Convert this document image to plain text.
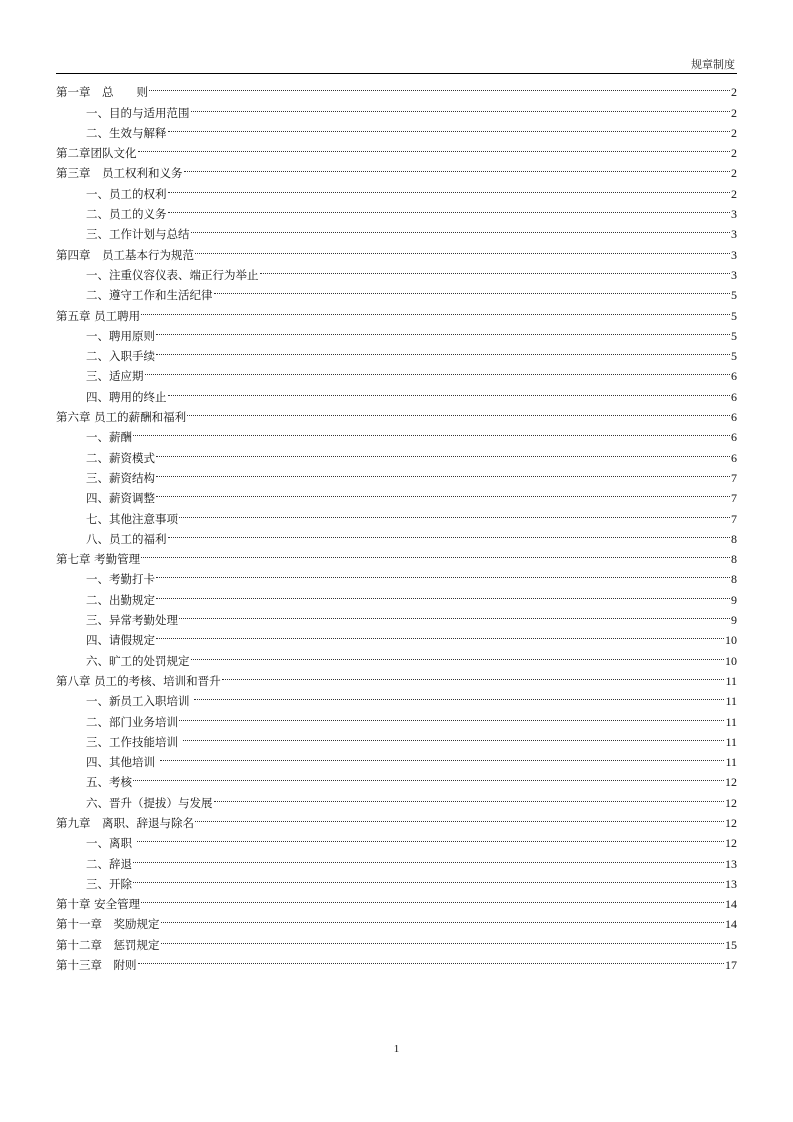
规章制度
第一章　总　　则	2
一、目的与适用范围	2
二、生效与解释	2
第二章团队文化	2
第三章　员工权利和义务	2
一、员工的权利	2
二、员工的义务	3
三、工作计划与总结	3
第四章　员工基本行为规范	3
一、注重仪容仪表、端正行为举止	3
二、遵守工作和生活纪律	5
第五章 员工聘用	5
一、聘用原则	5
二、入职手续	5
三、适应期	6
四、聘用的终止	6
第六章 员工的薪酬和福利	6
一、薪酬	6
二、薪资模式	6
三、薪资结构	7
四、薪资调整	7
七、其他注意事项	7
八、员工的福利	8
第七章 考勤管理	8
一、考勤打卡	8
二、出勤规定	9
三、异常考勤处理	9
四、请假规定	10
六、旷工的处罚规定	10
第八章 员工的考核、培训和晋升	11
一、新员工入职培训	11
二、部门业务培训	11
三、工作技能培训	11
四、其他培训	11
五、考核	12
六、晋升（提拔）与发展	12
第九章　离职、辞退与除名	12
一、离职	12
二、辞退	13
三、开除	13
第十章 安全管理	14
第十一章　奖励规定	14
第十二章　惩罚规定	15
第十三章　附则	17
1
